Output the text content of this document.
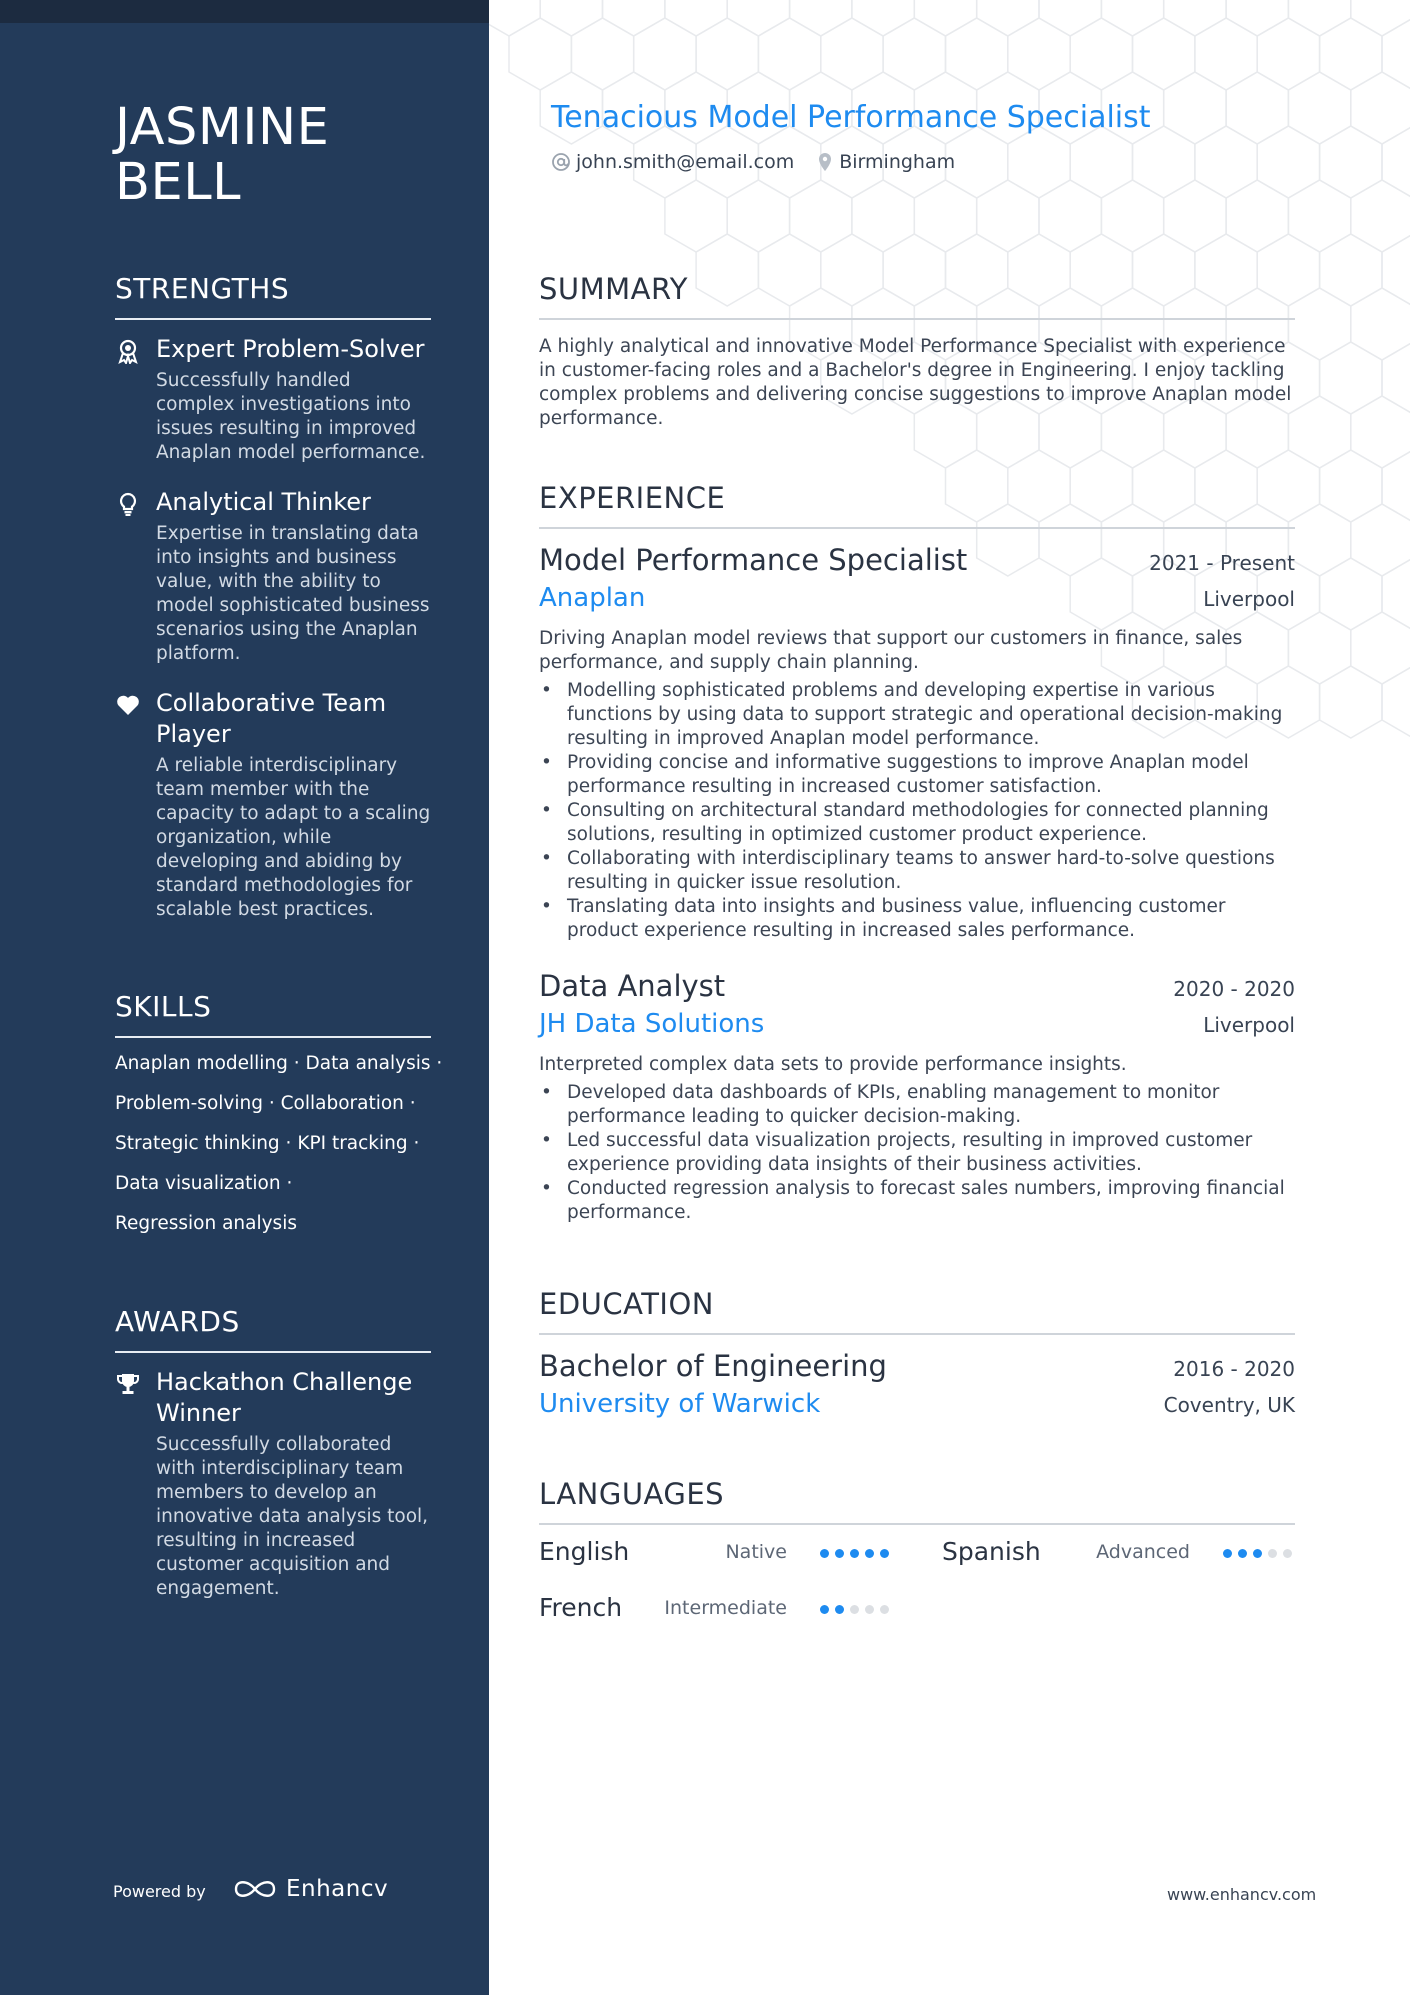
JASMINE
BELL
STRENGTHS
Expert Problem-Solver

Successfully handled complex investigations into issues resulting in improved Anaplan model performance.

Analytical Thinker

Expertise in translating data into insights and business value, with the ability to model sophisticated business scenarios using the Anaplan platform.

Collaborative Team Player

A reliable interdisciplinary team member with the capacity to adapt to a scaling organization, while developing and abiding by standard methodologies for scalable best practices.

SKILLS

Anaplan modelling · Data analysis ·

Problem-solving · Collaboration ·

Strategic thinking · KPI tracking ·

Data visualization ·

Regression analysis

AWARDS
Hackathon Challenge Winner

Successfully collaborated with interdisciplinary team members to develop an innovative data analysis tool, resulting in increased customer acquisition and engagement.

Powered by	Enhancv
Tenacious Model Performance Specialist
john.smith@email.com Birmingham
SUMMARY

A highly analytical and innovative Model Performance Specialist with experience in customer-facing roles and a Bachelor's degree in Engineering. I enjoy tackling complex problems and delivering concise suggestions to improve Anaplan model performance.

EXPERIENCE
Model Performance Specialist	2021 - Present

Anaplan	Liverpool

Driving Anaplan model reviews that support our customers in finance, sales performance, and supply chain planning.

• Modelling sophisticated problems and developing expertise in various functions by using data to support strategic and operational decision-making resulting in improved Anaplan model performance.
• Providing concise and informative suggestions to improve Anaplan model performance resulting in increased customer satisfaction.
• Consulting on architectural standard methodologies for connected planning solutions, resulting in optimized customer product experience.
• Collaborating with interdisciplinary teams to answer hard-to-solve questions resulting in quicker issue resolution.
• Translating data into insights and business value, influencing customer product experience resulting in increased sales performance.
Data Analyst	2020 - 2020

JH Data Solutions	Liverpool

Interpreted complex data sets to provide performance insights.

• Developed data dashboards of KPIs, enabling management to monitor performance leading to quicker decision-making.
• Led successful data visualization projects, resulting in improved customer experience providing data insights of their business activities.
• Conducted regression analysis to forecast sales numbers, improving financial performance.
EDUCATION
Bachelor of Engineering	2016 - 2020

University of Warwick	Coventry, UK
LANGUAGES
English	Native	Spanish	Advanced
French Intermediate
www.enhancv.com
